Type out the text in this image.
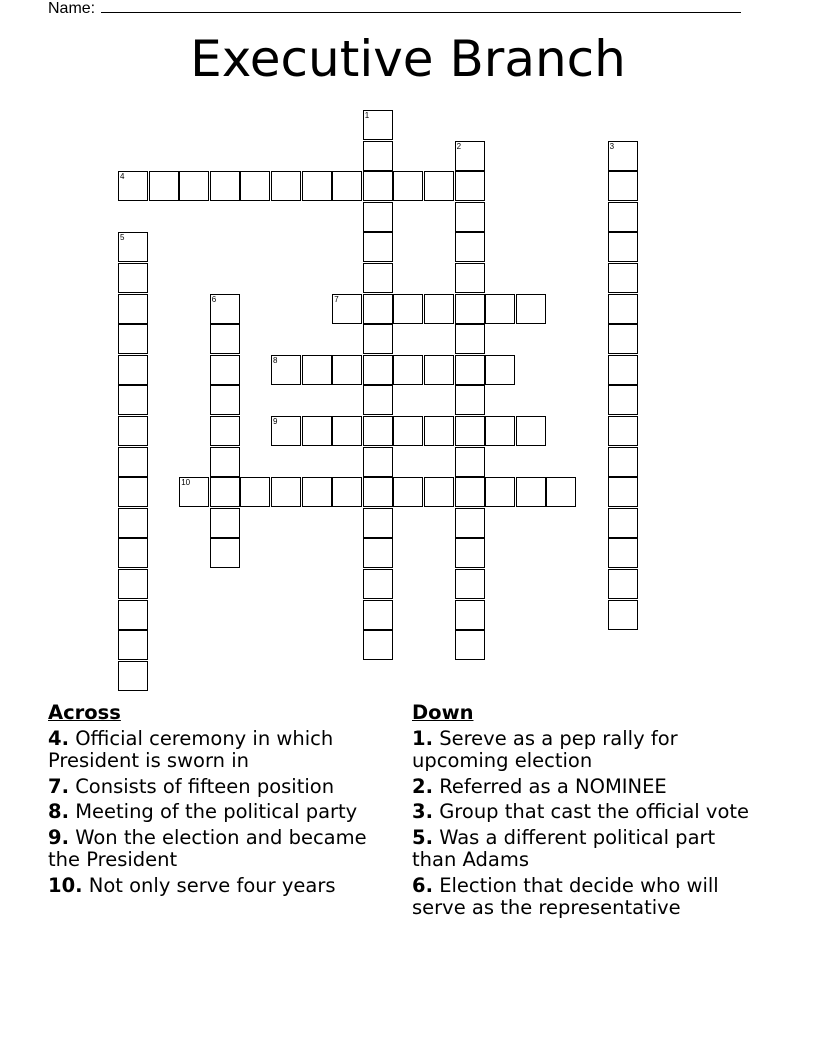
Name:
Executive Branch
1
2	3
4
5
6	7
8
9
10
Across
4. Official ceremony in which President is sworn in
7. Consists of fifteen position
8. Meeting of the political party
9. Won the election and became the President
10. Not only serve four years
Down
1. Sereve as a pep rally for upcoming election
2. Referred as a NOMINEE
3. Group that cast the official vote
5. Was a different political part than Adams
6. Election that decide who will serve as the representative
